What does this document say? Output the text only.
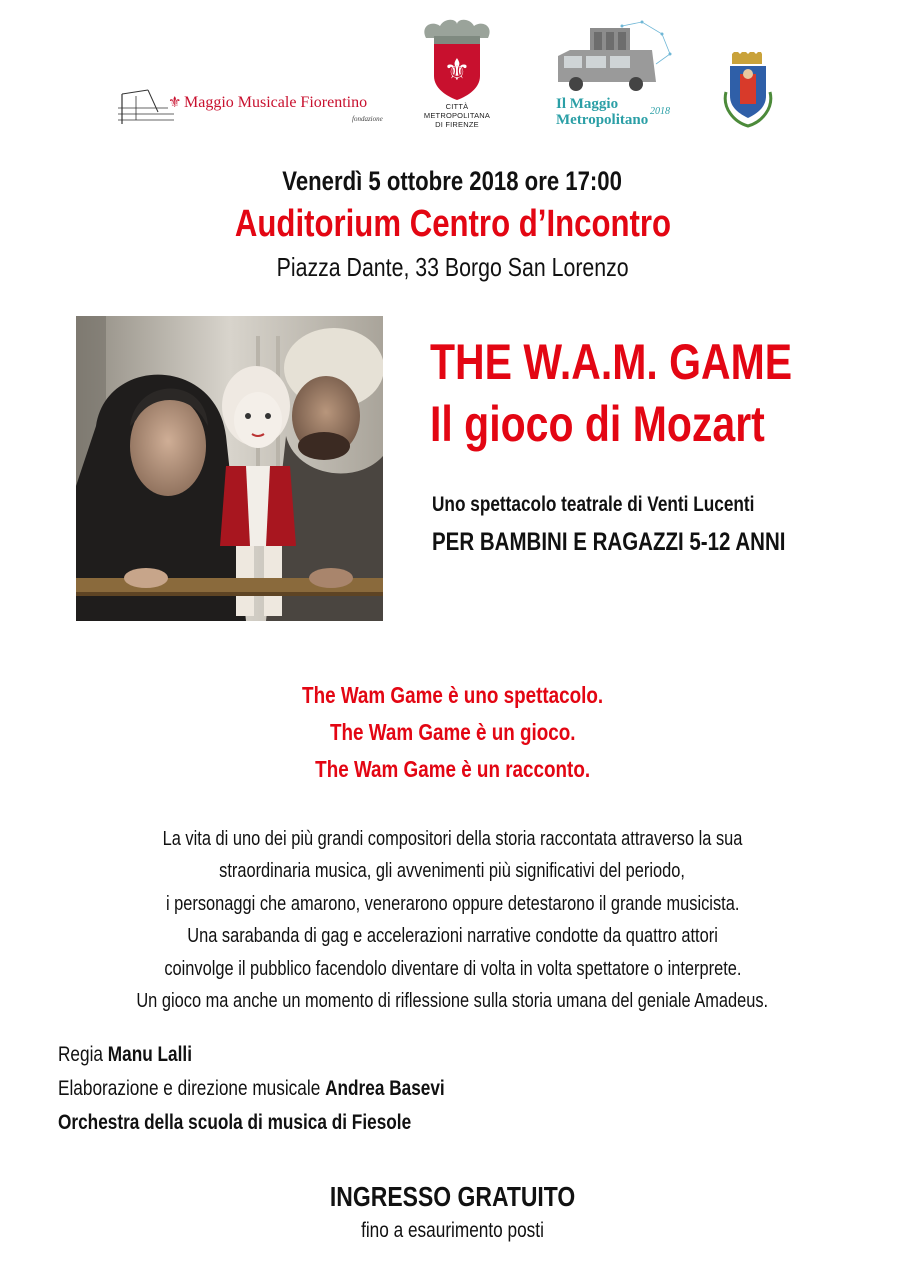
⚜ Maggio Musicale Fiorentino
fondazione
⚜
CITTÀ METROPOLITANA
DI FIRENZE
Il Maggio
Metropolitano
2018
Venerdì 5 ottobre 2018 ore 17:00
Auditorium Centro d’Incontro
Piazza Dante, 33 Borgo San Lorenzo
THE W.A.M. GAME
Il gioco di Mozart
Uno spettacolo teatrale di Venti Lucenti
PER BAMBINI E RAGAZZI 5-12 ANNI
The Wam Game è uno spettacolo.
The Wam Game è un gioco.
The Wam Game è un racconto.
La vita di uno dei più grandi compositori della storia raccontata attraverso la sua
straordinaria musica, gli avvenimenti più significativi del periodo,
i personaggi che amarono, venerarono oppure detestarono il grande musicista.
Una sarabanda di gag e accelerazioni narrative condotte da quattro attori
coinvolge il pubblico facendolo diventare di volta in volta spettatore o interprete.
Un gioco ma anche un momento di riflessione sulla storia umana del geniale Amadeus.
Regia Manu Lalli
Elaborazione e direzione musicale Andrea Basevi
Orchestra della scuola di musica di Fiesole
INGRESSO GRATUITO
fino a esaurimento posti
